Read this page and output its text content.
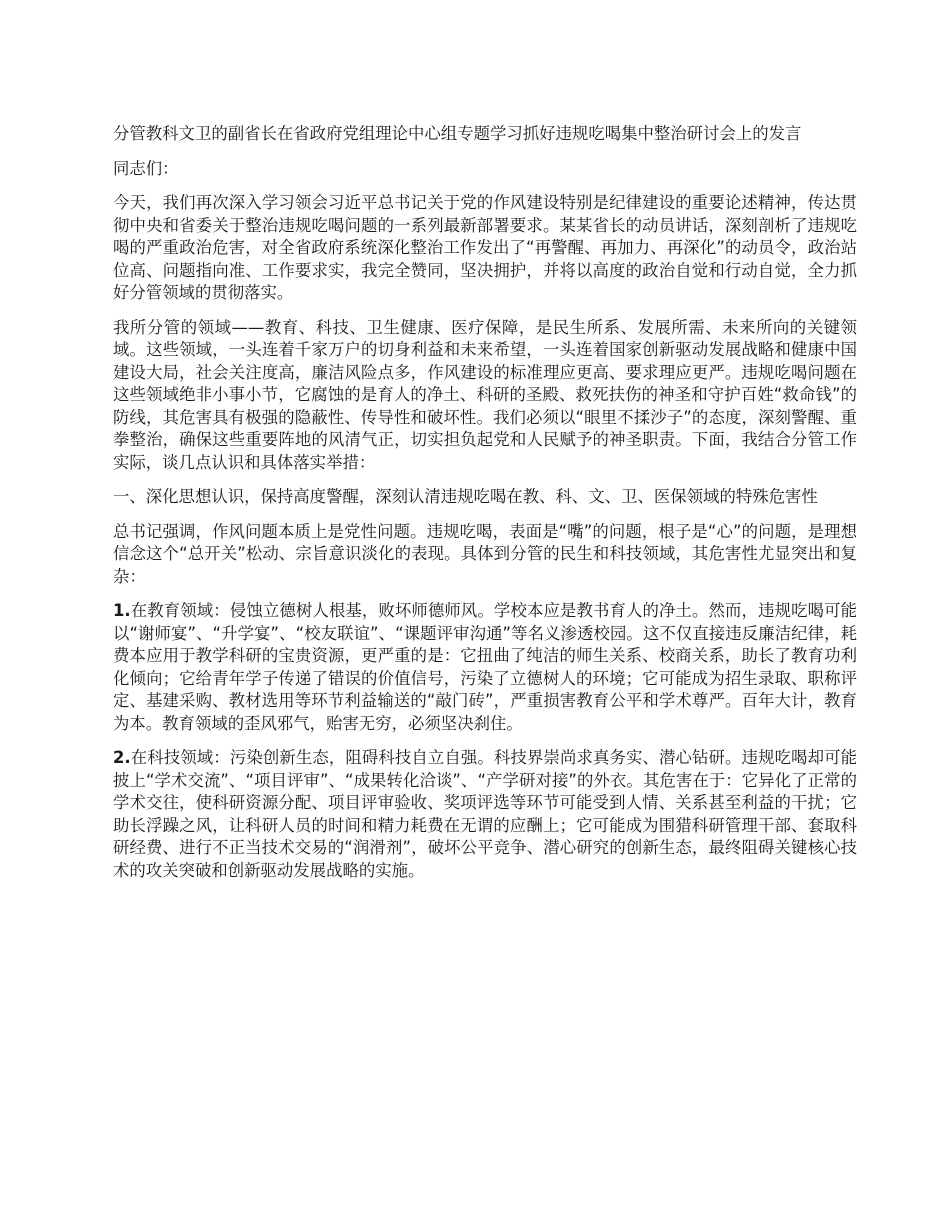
分管教科文卫的副省长在省政府党组理论中心组专题学习抓好违规吃喝集中整治研讨会上的发言

同志们：

今天，我们再次深入学习领会习近平总书记关于党的作风建设特别是纪律建设的重要论述精神，传达贯彻中央和省委关于整治违规吃喝问题的一系列最新部署要求。某某省长的动员讲话，深刻剖析了违规吃喝的严重政治危害，对全省政府系统深化整治工作发出了“再警醒、再加力、再深化”的动员令，政治站位高、问题指向准、工作要求实，我完全赞同，坚决拥护，并将以高度的政治自觉和行动自觉，全力抓好分管领域的贯彻落实。

我所分管的领域——教育、科技、卫生健康、医疗保障，是民生所系、发展所需、未来所向的关键领域。这些领域，一头连着千家万户的切身利益和未来希望，一头连着国家创新驱动发展战略和健康中国建设大局，社会关注度高，廉洁风险点多，作风建设的标准理应更高、要求理应更严。违规吃喝问题在这些领域绝非小事小节，它腐蚀的是育人的净土、科研的圣殿、救死扶伤的神圣和守护百姓“救命钱”的防线，其危害具有极强的隐蔽性、传导性和破坏性。我们必须以“眼里不揉沙子”的态度，深刻警醒、重拳整治，确保这些重要阵地的风清气正，切实担负起党和人民赋予的神圣职责。下面，我结合分管工作实际，谈几点认识和具体落实举措：

一、深化思想认识，保持高度警醒，深刻认清违规吃喝在教、科、文、卫、医保领域的特殊危害性

总书记强调，作风问题本质上是党性问题。违规吃喝，表面是“嘴”的问题，根子是“心”的问题，是理想信念这个“总开关”松动、宗旨意识淡化的表现。具体到分管的民生和科技领域，其危害性尤显突出和复杂：

1.在教育领域：侵蚀立德树人根基，败坏师德师风。学校本应是教书育人的净土。然而，违规吃喝可能以“谢师宴”、“升学宴”、“校友联谊”、“课题评审沟通”等名义渗透校园。这不仅直接违反廉洁纪律，耗费本应用于教学科研的宝贵资源，更严重的是：它扭曲了纯洁的师生关系、校商关系，助长了教育功利化倾向；它给青年学子传递了错误的价值信号，污染了立德树人的环境；它可能成为招生录取、职称评定、基建采购、教材选用等环节利益输送的“敲门砖”，严重损害教育公平和学术尊严。百年大计，教育为本。教育领域的歪风邪气，贻害无穷，必须坚决刹住。

2.在科技领域：污染创新生态，阻碍科技自立自强。科技界崇尚求真务实、潜心钻研。违规吃喝却可能披上“学术交流”、“项目评审”、“成果转化洽谈”、“产学研对接”的外衣。其危害在于：它异化了正常的学术交往，使科研资源分配、项目评审验收、奖项评选等环节可能受到人情、关系甚至利益的干扰；它助长浮躁之风，让科研人员的时间和精力耗费在无谓的应酬上；它可能成为围猎科研管理干部、套取科研经费、进行不正当技术交易的“润滑剂”，破坏公平竞争、潜心研究的创新生态，最终阻碍关键核心技术的攻关突破和创新驱动发展战略的实施。
